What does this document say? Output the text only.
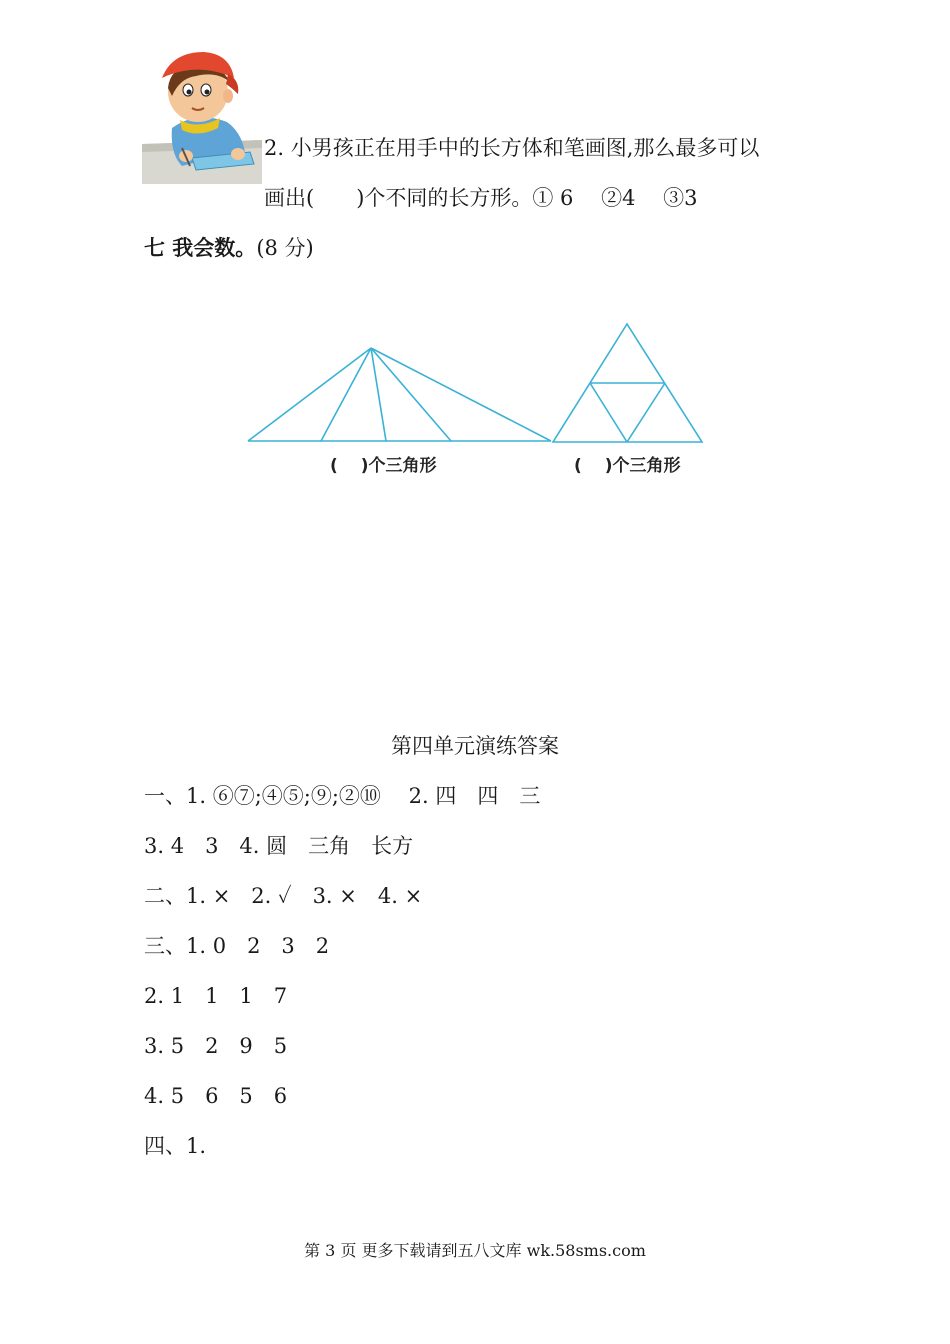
2. 小男孩正在用手中的长方体和笔画图,那么最多可以
画出(　　)个不同的长方形。① 6　 ②4　 ③3
七 我会数。(8 分)
(　 )个三角形	(　 )个三角形
第四单元演练答案
一、1. ⑥⑦;④⑤;⑨;②⑩　 2. 四　四　三
3. 4　3　4. 圆　三角　长方
二、1. ×　2. ✓　3. ×　4. ×
三、1. 0　2　3　2
2. 1　1　1　7
3. 5　2　9　5
4. 5　6　5　6
四、1.
第 3 页 更多下载请到五八文库 wk.58sms.com
